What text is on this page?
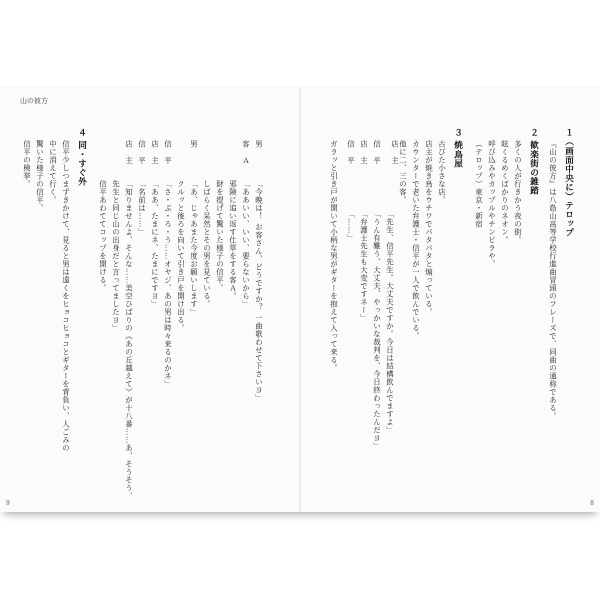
山の彼方
１（画面中央に）テロップ
『山の彼方』は八島山高等学校行進曲冒頭のフレーズで、同曲の通称である。
２ 歓楽街の雑踏
多くの人が行きかう夜の街。
眩くるめくばかりのネオン。
呼び込みやカップルやチンピラや。
（テロップ）東京・新宿
３ 焼鳥屋
古びた小さな店。
店主が焼き鳥をウチワでパタパタと煽っている。
カウンターで老いた弁護士・信平が一人で飲んでいる。
他に二、三の客。
店主
「先生、信平先生。大丈夫ですか。今日は結構飲んでますよ」
信平
「うん有難う、大丈夫、やっかいな裁判を、今日終わったんだヨ」
店主
「弁護士先生も大変ですネー」
信平
「……」
ガラッと引き戸が開いて小柄な男がギターを抱えて入って来る。
男
「今晩は！ お客さん、どうですか？ 一曲歌わせて下さいヨ」
客Ａ
「ああいい、いい、要らないから」
邪険に追い返す仕草をする客Ａ。
財を提げて驚いた様子の信平。
しばらく呆然とその男を見ている。
男
「あ、じゃあまた今度お願いします」
クルッと後ろを向いて引き戸を開け出る。
信平
「さ・ぶ・ろ・う……オヤジ、あの男は時々来るのかネ」
店主
「ああ、たまにネ、たまにですヨ」
信平
「名前は……」
店主
「知りませんよ、そんな……美空ひばりの《あの丘越えて》が十八番……あ、そうそう、
先生と同じ山の出身だと言ってましたヨ」
信平あわててコップを開ける。
４ 同・すぐ外
信平少しつまずきかけて、見ると男は遠くをヒョコヒョコとギターを背負い、人ごみの
中に消えて行く。
驚いた様子の信平。
信平の検挙。
9	8
